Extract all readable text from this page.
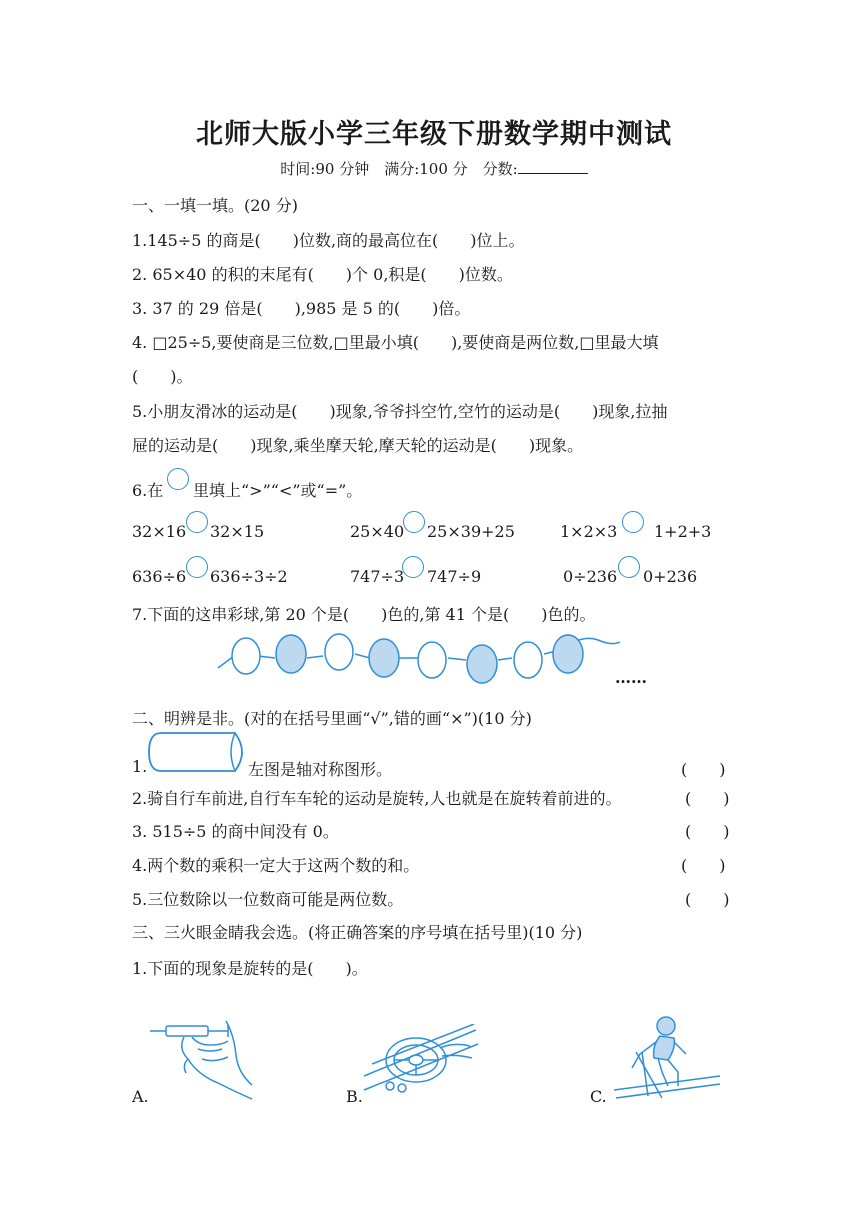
北师大版小学三年级下册数学期中测试
时间:90 分钟　满分:100 分　分数:
一、一填一填。(20 分)
1.145÷5 的商是(　　)位数,商的最高位在(　　)位上。
2. 65×40 的积的末尾有(　　)个 0,积是(　　)位数。
3. 37 的 29 倍是(　　),985 是 5 的(　　)倍。
4. □25÷5,要使商是三位数,□里最小填(　　),要使商是两位数,□里最大填
(　　)。
5.小朋友滑冰的运动是(　　)现象,爷爷抖空竹,空竹的运动是(　　)现象,拉抽
屉的运动是(　　)现象,乘坐摩天轮,摩天轮的运动是(　　)现象。
6.在 里填上“>”“<”或“=”。
32×16 32×15	25×40 25×39+25	1×2×3 1+2+3
636÷6 636÷3÷2	747÷3 747÷9	0÷236 0+236
7.下面的这串彩球,第 20 个是(　　)色的,第 41 个是(　　)色的。
……
二、明辨是非。(对的在括号里画“√”,错的画“×”)(10 分)
1.	左图是轴对称图形。	(　　)
2.骑自行车前进,自行车车轮的运动是旋转,人也就是在旋转着前进的。	(　　)
3. 515÷5 的商中间没有 0。	(　　)
4.两个数的乘积一定大于这两个数的和。	(　　)
5.三位数除以一位数商可能是两位数。	(　　)
三、三火眼金睛我会选。(将正确答案的序号填在括号里)(10 分)
1.下面的现象是旋转的是(　　)。
A.	B.	C.
